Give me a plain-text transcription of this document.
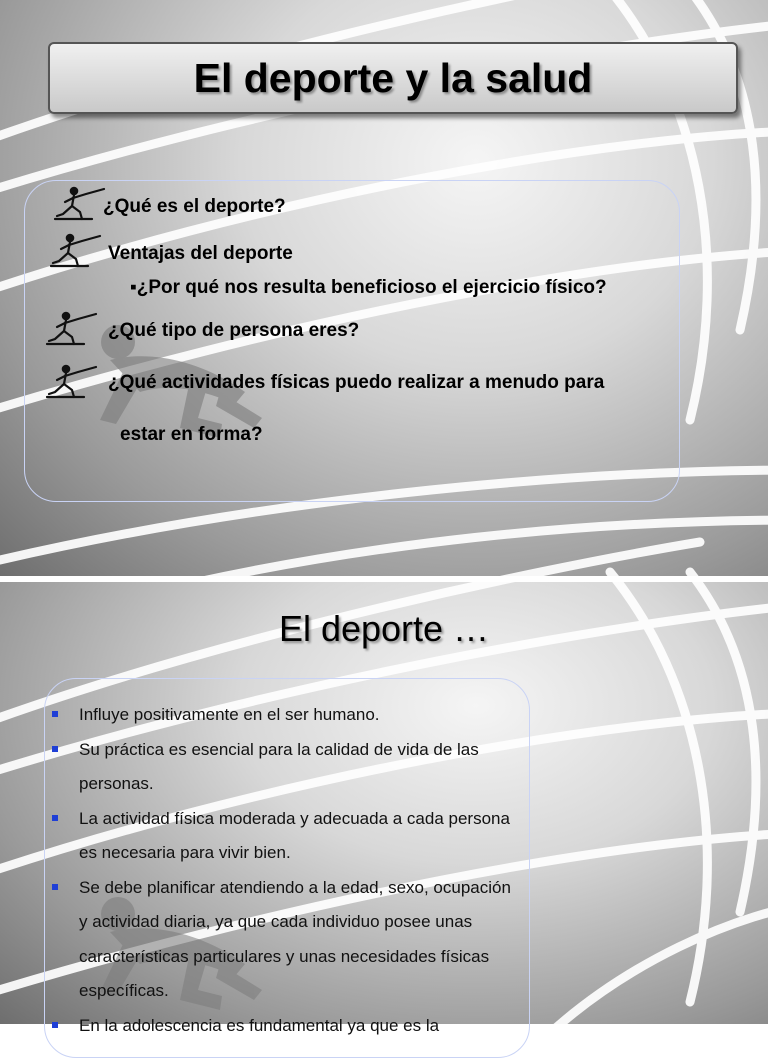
El deporte y la salud
¿Qué es el deporte?
Ventajas del deporte
▪¿Por qué nos resulta beneficioso el ejercicio físico?
¿Qué tipo de persona eres?
¿Qué actividades físicas puedo realizar a menudo para
estar en forma?
El deporte …
Influye positivamente en el ser humano.
Su práctica es esencial para la calidad de vida de las personas.
La actividad física moderada y adecuada a cada persona es necesaria para vivir bien.
Se debe planificar atendiendo a la edad, sexo, ocupación y actividad diaria, ya que cada individuo posee unas características particulares y unas necesidades físicas específicas.
En la adolescencia es fundamental ya que es la
